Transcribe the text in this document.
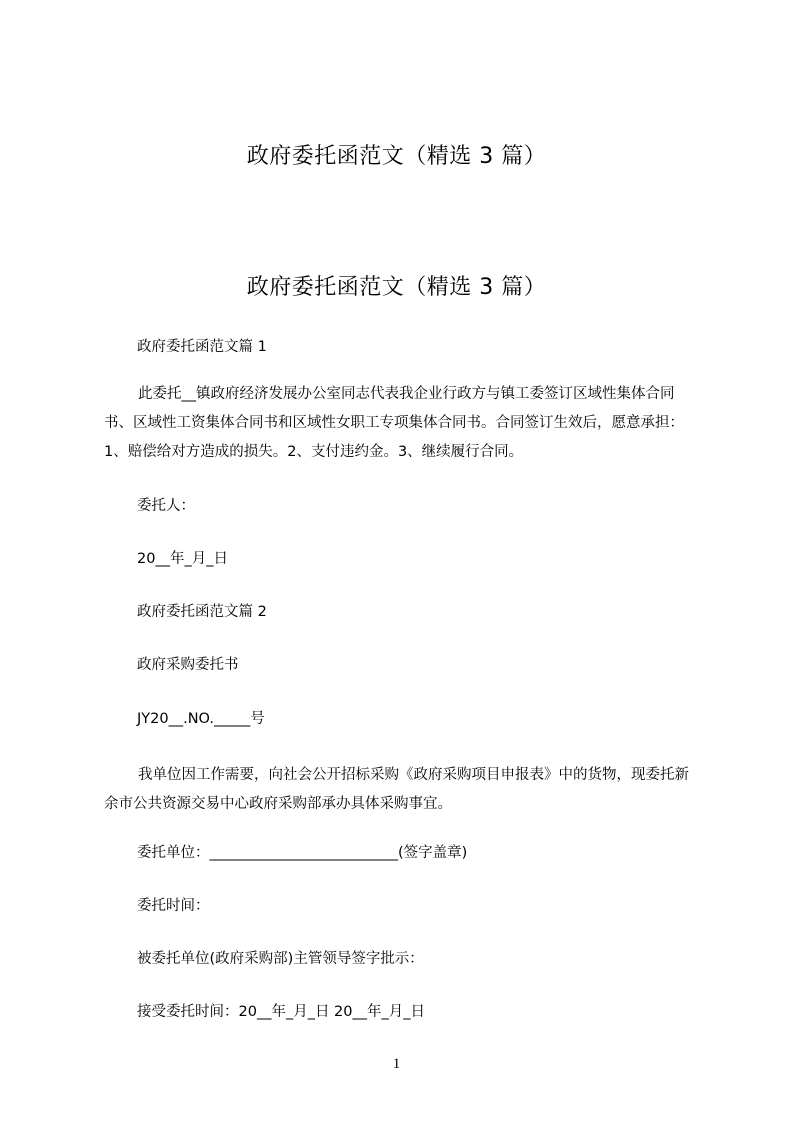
政府委托函范文（精选 3 篇）
政府委托函范文（精选 3 篇）
政府委托函范文篇 1
此委托__镇政府经济发展办公室同志代表我企业行政方与镇工委签订区域性集体合同书、区域性工资集体合同书和区域性女职工专项集体合同书。合同签订生效后，愿意承担：1、赔偿给对方造成的损失。2、支付违约金。3、继续履行合同。
委托人：
20__年_月_日
政府委托函范文篇 2
政府采购委托书
JY20__.NO._____号
我单位因工作需要，向社会公开招标采购《政府采购项目申报表》中的货物，现委托新余市公共资源交易中心政府采购部承办具体采购事宜。
委托单位：__________________________(签字盖章)
委托时间：
被委托单位(政府采购部)主管领导签字批示：
接受委托时间：20__年_月_日 20__年_月_日
1
